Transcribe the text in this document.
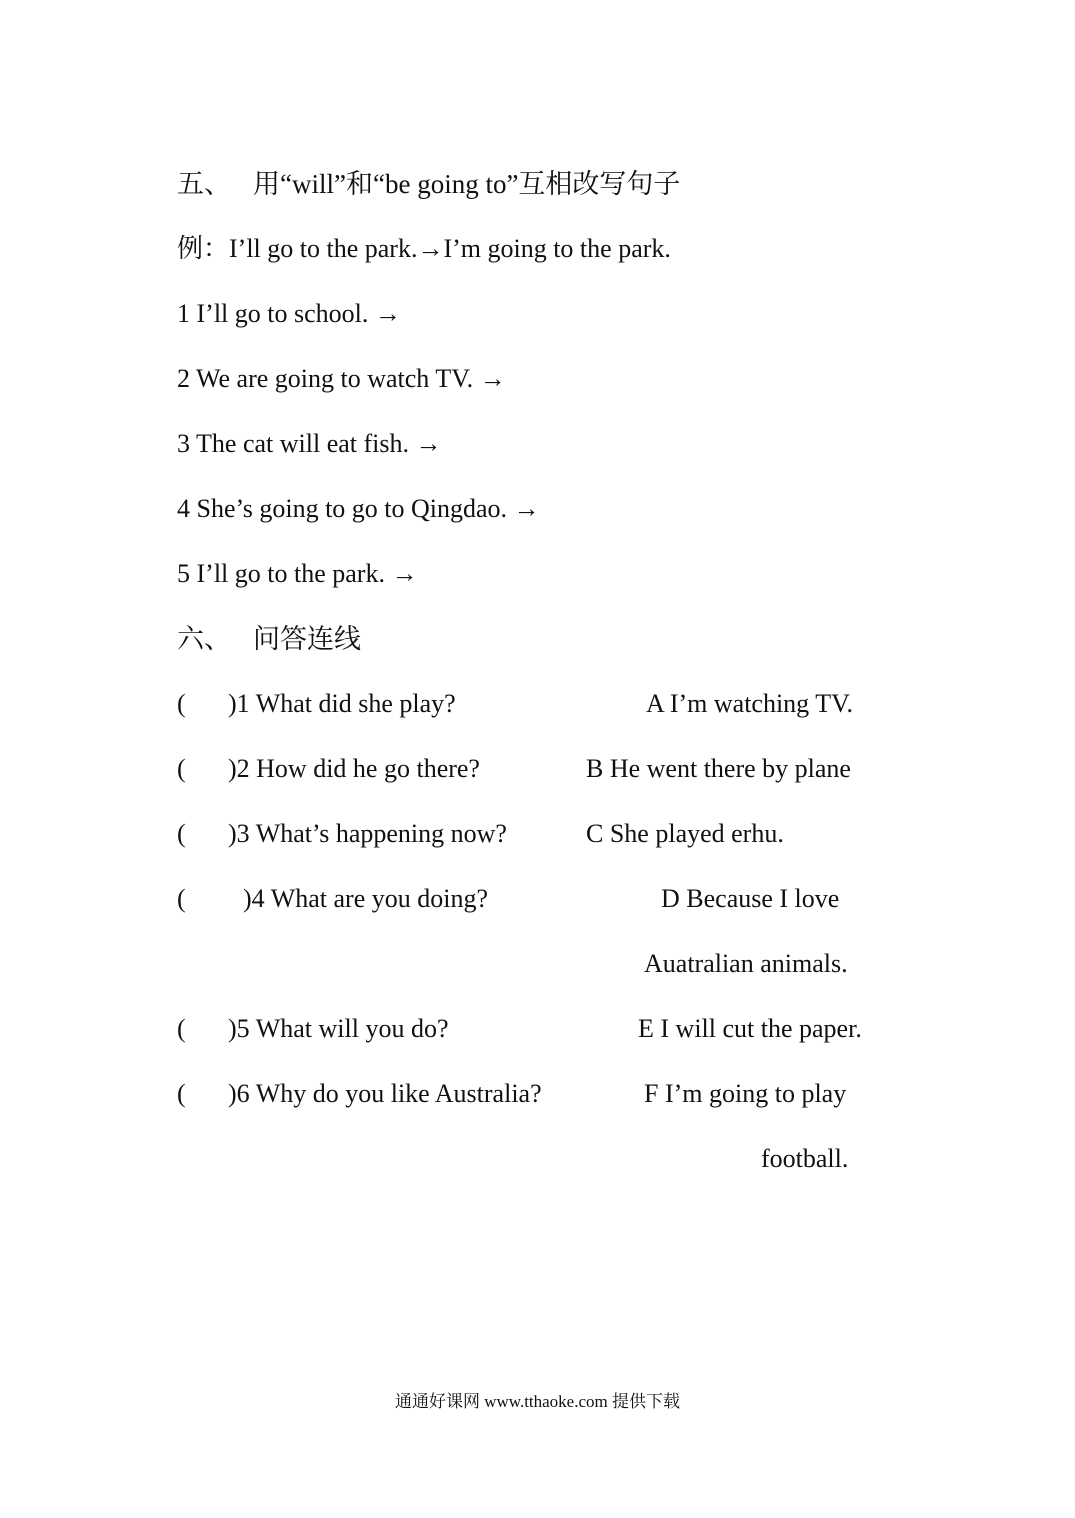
五、 用“will”和“be going to”互相改写句子
例：I’ll go to the park.→I’m going to the park.
1 I’ll go to school. →
2 We are going to watch TV. →
3 The cat will eat fish. →
4 She’s going to go to Qingdao. →
5 I’ll go to the park. →
六、 问答连线
( )1 What did she play?	A I’m watching TV.
( )2 How did he go there?	B He went there by plane
( )3 What’s happening now?	C She played erhu.
( )4 What are you doing?	D Because I love
Auatralian animals.
( )5 What will you do?	E I will cut the paper.
( )6 Why do you like Australia?	F I’m going to play
football.
通通好课网 www.tthaoke.com 提供下载
